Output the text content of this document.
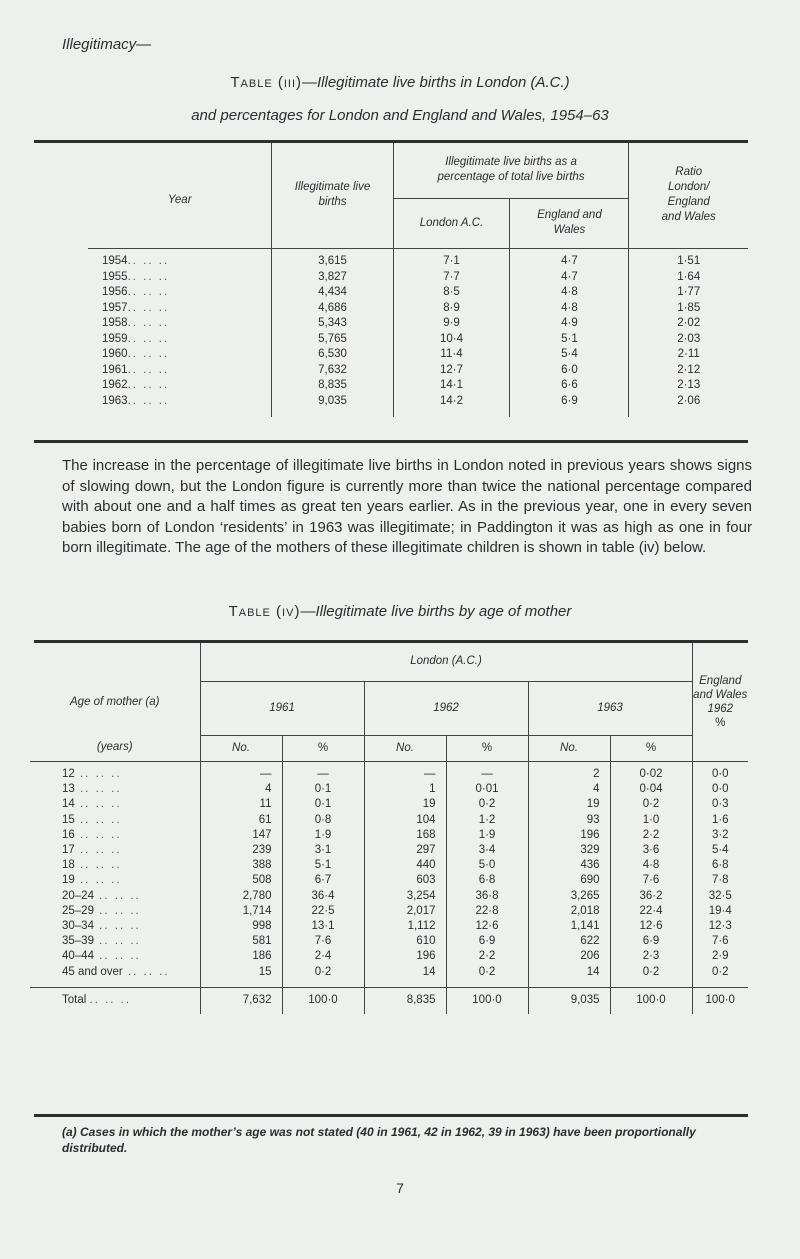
Illegitimacy—
Table (iii)—Illegitimate live births in London (A.C.)
and percentages for London and England and Wales, 1954–63
Year	Illegitimate live births	Illegitimate live births as a percentage of total live births		Ratio London/ England and Wales
		London A.C.	England and Wales	

1954.. .. ..	3,615	7·1	4·7	1·51
1955.. .. ..	3,827	7·7	4·7	1·64
1956.. .. ..	4,434	8·5	4·8	1·77
1957.. .. ..	4,686	8·9	4·8	1·85
1958.. .. ..	5,343	9·9	4·9	2·02
1959.. .. ..	5,765	10·4	5·1	2·03
1960.. .. ..	6,530	11·4	5·4	2·11
1961.. .. ..	7,632	12·7	6·0	2·12
1962.. .. ..	8,835	14·1	6·6	2·13
1963.. .. ..	9,035	14·2	6·9	2·06

The increase in the percentage of illegitimate live births in London noted in previous years shows signs of slowing down, but the London figure is currently more than twice the national percentage compared with about one and a half times as great ten years earlier. As in the previous year, one in every seven babies born of London ‘residents’ in 1963 was illegitimate; in Paddington it was as high as one in four born illegitimate. The age of the mothers of these illegitimate children is shown in table (iv) below.
Table (iv)—Illegitimate live births by age of mother
Age of mother (a)	London (A.C.)						England and Wales 1962
%
	1961		1962		1963		
(years)	No.	%	No.	%	No.	%	

12 .. .. ..	—	—	—	—	2	0·02	0·0
13 .. .. ..	4	0·1	1	0·01	4	0·04	0·0
14 .. .. ..	11	0·1	19	0·2	19	0·2	0·3
15 .. .. ..	61	0·8	104	1·2	93	1·0	1·6
16 .. .. ..	147	1·9	168	1·9	196	2·2	3·2
17 .. .. ..	239	3·1	297	3·4	329	3·6	5·4
18 .. .. ..	388	5·1	440	5·0	436	4·8	6·8
19 .. .. ..	508	6·7	603	6·8	690	7·6	7·8
20–24 .. .. ..	2,780	36·4	3,254	36·8	3,265	36·2	32·5
25–29 .. .. ..	1,714	22·5	2,017	22·8	2,018	22·4	19·4
30–34 .. .. ..	998	13·1	1,112	12·6	1,141	12·6	12·3
35–39 .. .. ..	581	7·6	610	6·9	622	6·9	7·6
40–44 .. .. ..	186	2·4	196	2·2	206	2·3	2·9
45 and over .. .. ..	15	0·2	14	0·2	14	0·2	0·2

Total .. .. ..	7,632	100·0	8,835	100·0	9,035	100·0	100·0
(a) Cases in which the mother’s age was not stated (40 in 1961, 42 in 1962, 39 in 1963) have been proportionally distributed.
7
